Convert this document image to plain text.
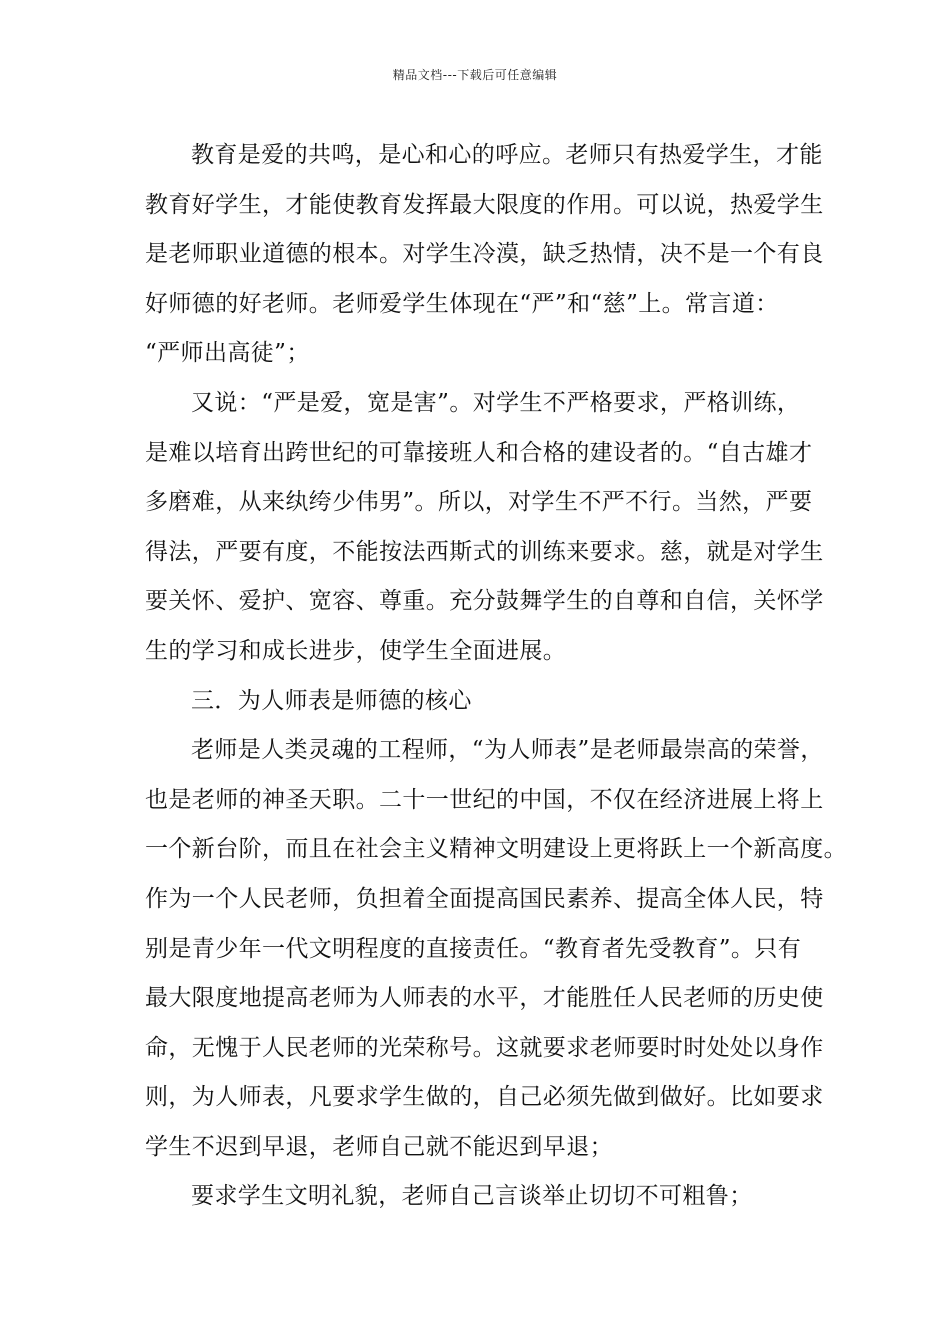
精品文档---下载后可任意编辑
教育是爱的共鸣，是心和心的呼应。老师只有热爱学生，才能
教育好学生，才能使教育发挥最大限度的作用。可以说，热爱学生
是老师职业道德的根本。对学生冷漠，缺乏热情，决不是一个有良
好师德的好老师。老师爱学生体现在“严”和“慈”上。常言道：
“严师出高徒”；
又说：“严是爱，宽是害”。对学生不严格要求，严格训练，
是难以培育出跨世纪的可靠接班人和合格的建设者的。“自古雄才
多磨难，从来纨绔少伟男”。所以，对学生不严不行。当然，严要
得法，严要有度，不能按法西斯式的训练来要求。慈，就是对学生
要关怀、爱护、宽容、尊重。充分鼓舞学生的自尊和自信，关怀学
生的学习和成长进步，使学生全面进展。
三．为人师表是师德的核心
老师是人类灵魂的工程师，“为人师表”是老师最崇高的荣誉，
也是老师的神圣天职。二十一世纪的中国，不仅在经济进展上将上
一个新台阶，而且在社会主义精神文明建设上更将跃上一个新高度。
作为一个人民老师，负担着全面提高国民素养、提高全体人民，特
别是青少年一代文明程度的直接责任。“教育者先受教育”。只有
最大限度地提高老师为人师表的水平，才能胜任人民老师的历史使
命，无愧于人民老师的光荣称号。这就要求老师要时时处处以身作
则，为人师表，凡要求学生做的，自己必须先做到做好。比如要求
学生不迟到早退，老师自己就不能迟到早退；
要求学生文明礼貌，老师自己言谈举止切切不可粗鲁；
